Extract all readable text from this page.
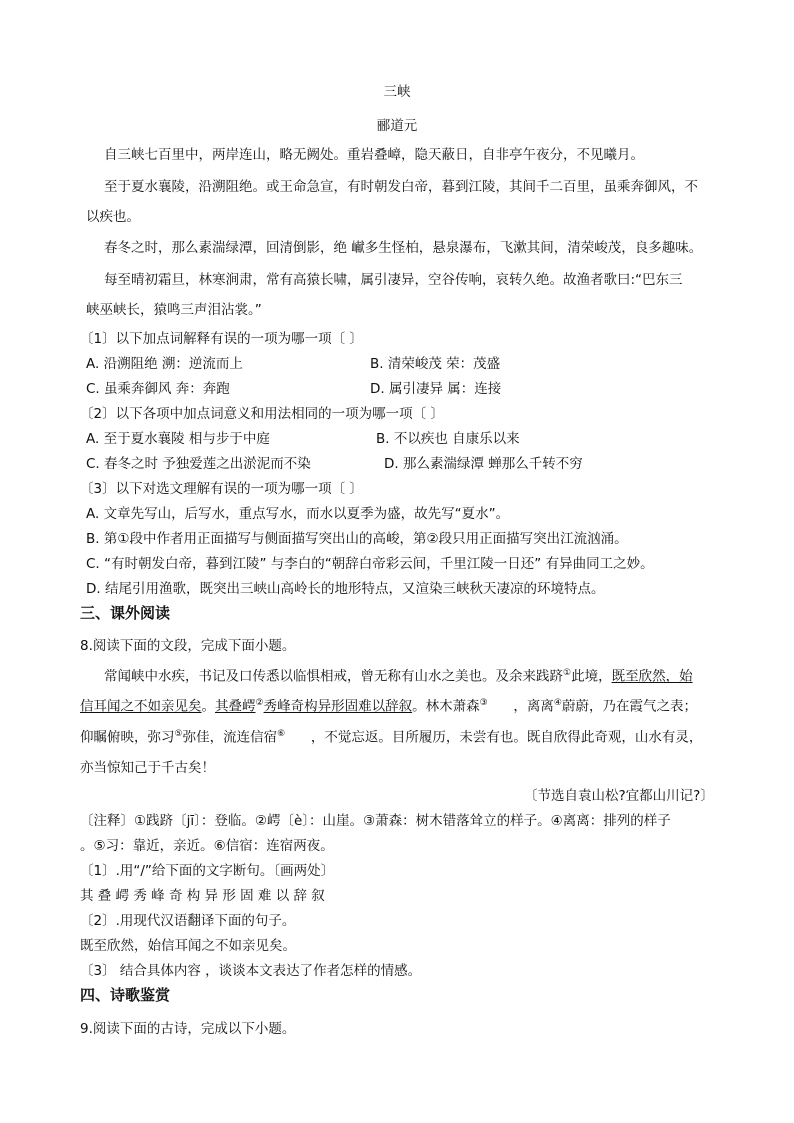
三峡
郦道元
自三峡七百里中，两岸连山，略无阙处。重岩叠嶂，隐天蔽日，自非亭午夜分，不见曦月。
至于夏水襄陵，沿溯阻绝。或王命急宣，有时朝发白帝，暮到江陵，其间千二百里，虽乘奔御风，不
以疾也。
春冬之时，那么素湍绿潭，回清倒影，绝 𪩘多生怪柏，悬泉瀑布，飞漱其间，清荣峻茂，良多趣味。
每至晴初霜旦，林寒涧肃，常有高猿长啸，属引凄异，空谷传响，哀转久绝。故渔者歌曰:“巴东三
峡巫峡长，猿鸣三声泪沾裳。”
〔1〕以下加点词解释有误的一项为哪一项〔 〕
A. 沿溯阻绝 溯：逆流而上	B. 清荣峻茂 荣：茂盛
C. 虽乘奔御风 奔：奔跑	D. 属引凄异 属：连接
〔2〕以下各项中加点词意义和用法相同的一项为哪一项〔 〕
A. 至于夏水襄陵 相与步于中庭	B. 不以疾也 自康乐以来
C. 春冬之时 予独爱莲之出淤泥而不染	D. 那么素湍绿潭 蝉那么千转不穷
〔3〕以下对选文理解有误的一项为哪一项〔 〕
A. 文章先写山，后写水，重点写水，而水以夏季为盛，故先写“夏水”。
B. 第①段中作者用正面描写与侧面描写突出山的高峻，第②段只用正面描写突出江流汹涌。
C. “有时朝发白帝，暮到江陵” 与李白的“朝辞白帝彩云间，千里江陵一日还” 有异曲同工之妙。
D. 结尾引用渔歌，既突出三峡山高岭长的地形特点，又渲染三峡秋天凄凉的环境特点。
三、课外阅读
8.阅读下面的文段，完成下面小题。
常闻峡中水疾，书记及口传悉以临惧相戒，曾无称有山水之美也。及余来践跻①此境，既至欣然，始
信耳闻之不如亲见矣。其叠崿②秀峰奇构异形固难以辞叙。林木萧森③      ，离离④蔚蔚，乃在霞气之表；
仰瞩俯映，弥习⑤弥佳，流连信宿⑥      ，不觉忘返。目所履历，未尝有也。既自欣得此奇观，山水有灵，
亦当惊知己于千古矣！
〔节选自袁山松?宜都山川记?〕
〔注释〕①践跻〔jī〕：登临。②崿〔è〕：山崖。③萧森：树木错落耸立的样子。④离离：排列的样子
。⑤习：靠近，亲近。⑥信宿：连宿两夜。
〔1〕.用“/”给下面的文字断句。〔画两处〕
其 叠 崿 秀 峰 奇 构 异 形 固 难 以 辞 叙
〔2〕.用现代汉语翻译下面的句子。
既至欣然，始信耳闻之不如亲见矣。
〔3〕 结合具体内容 ，谈谈本文表达了作者怎样的情感。
四、诗歌鉴赏
9.阅读下面的古诗，完成以下小题。
